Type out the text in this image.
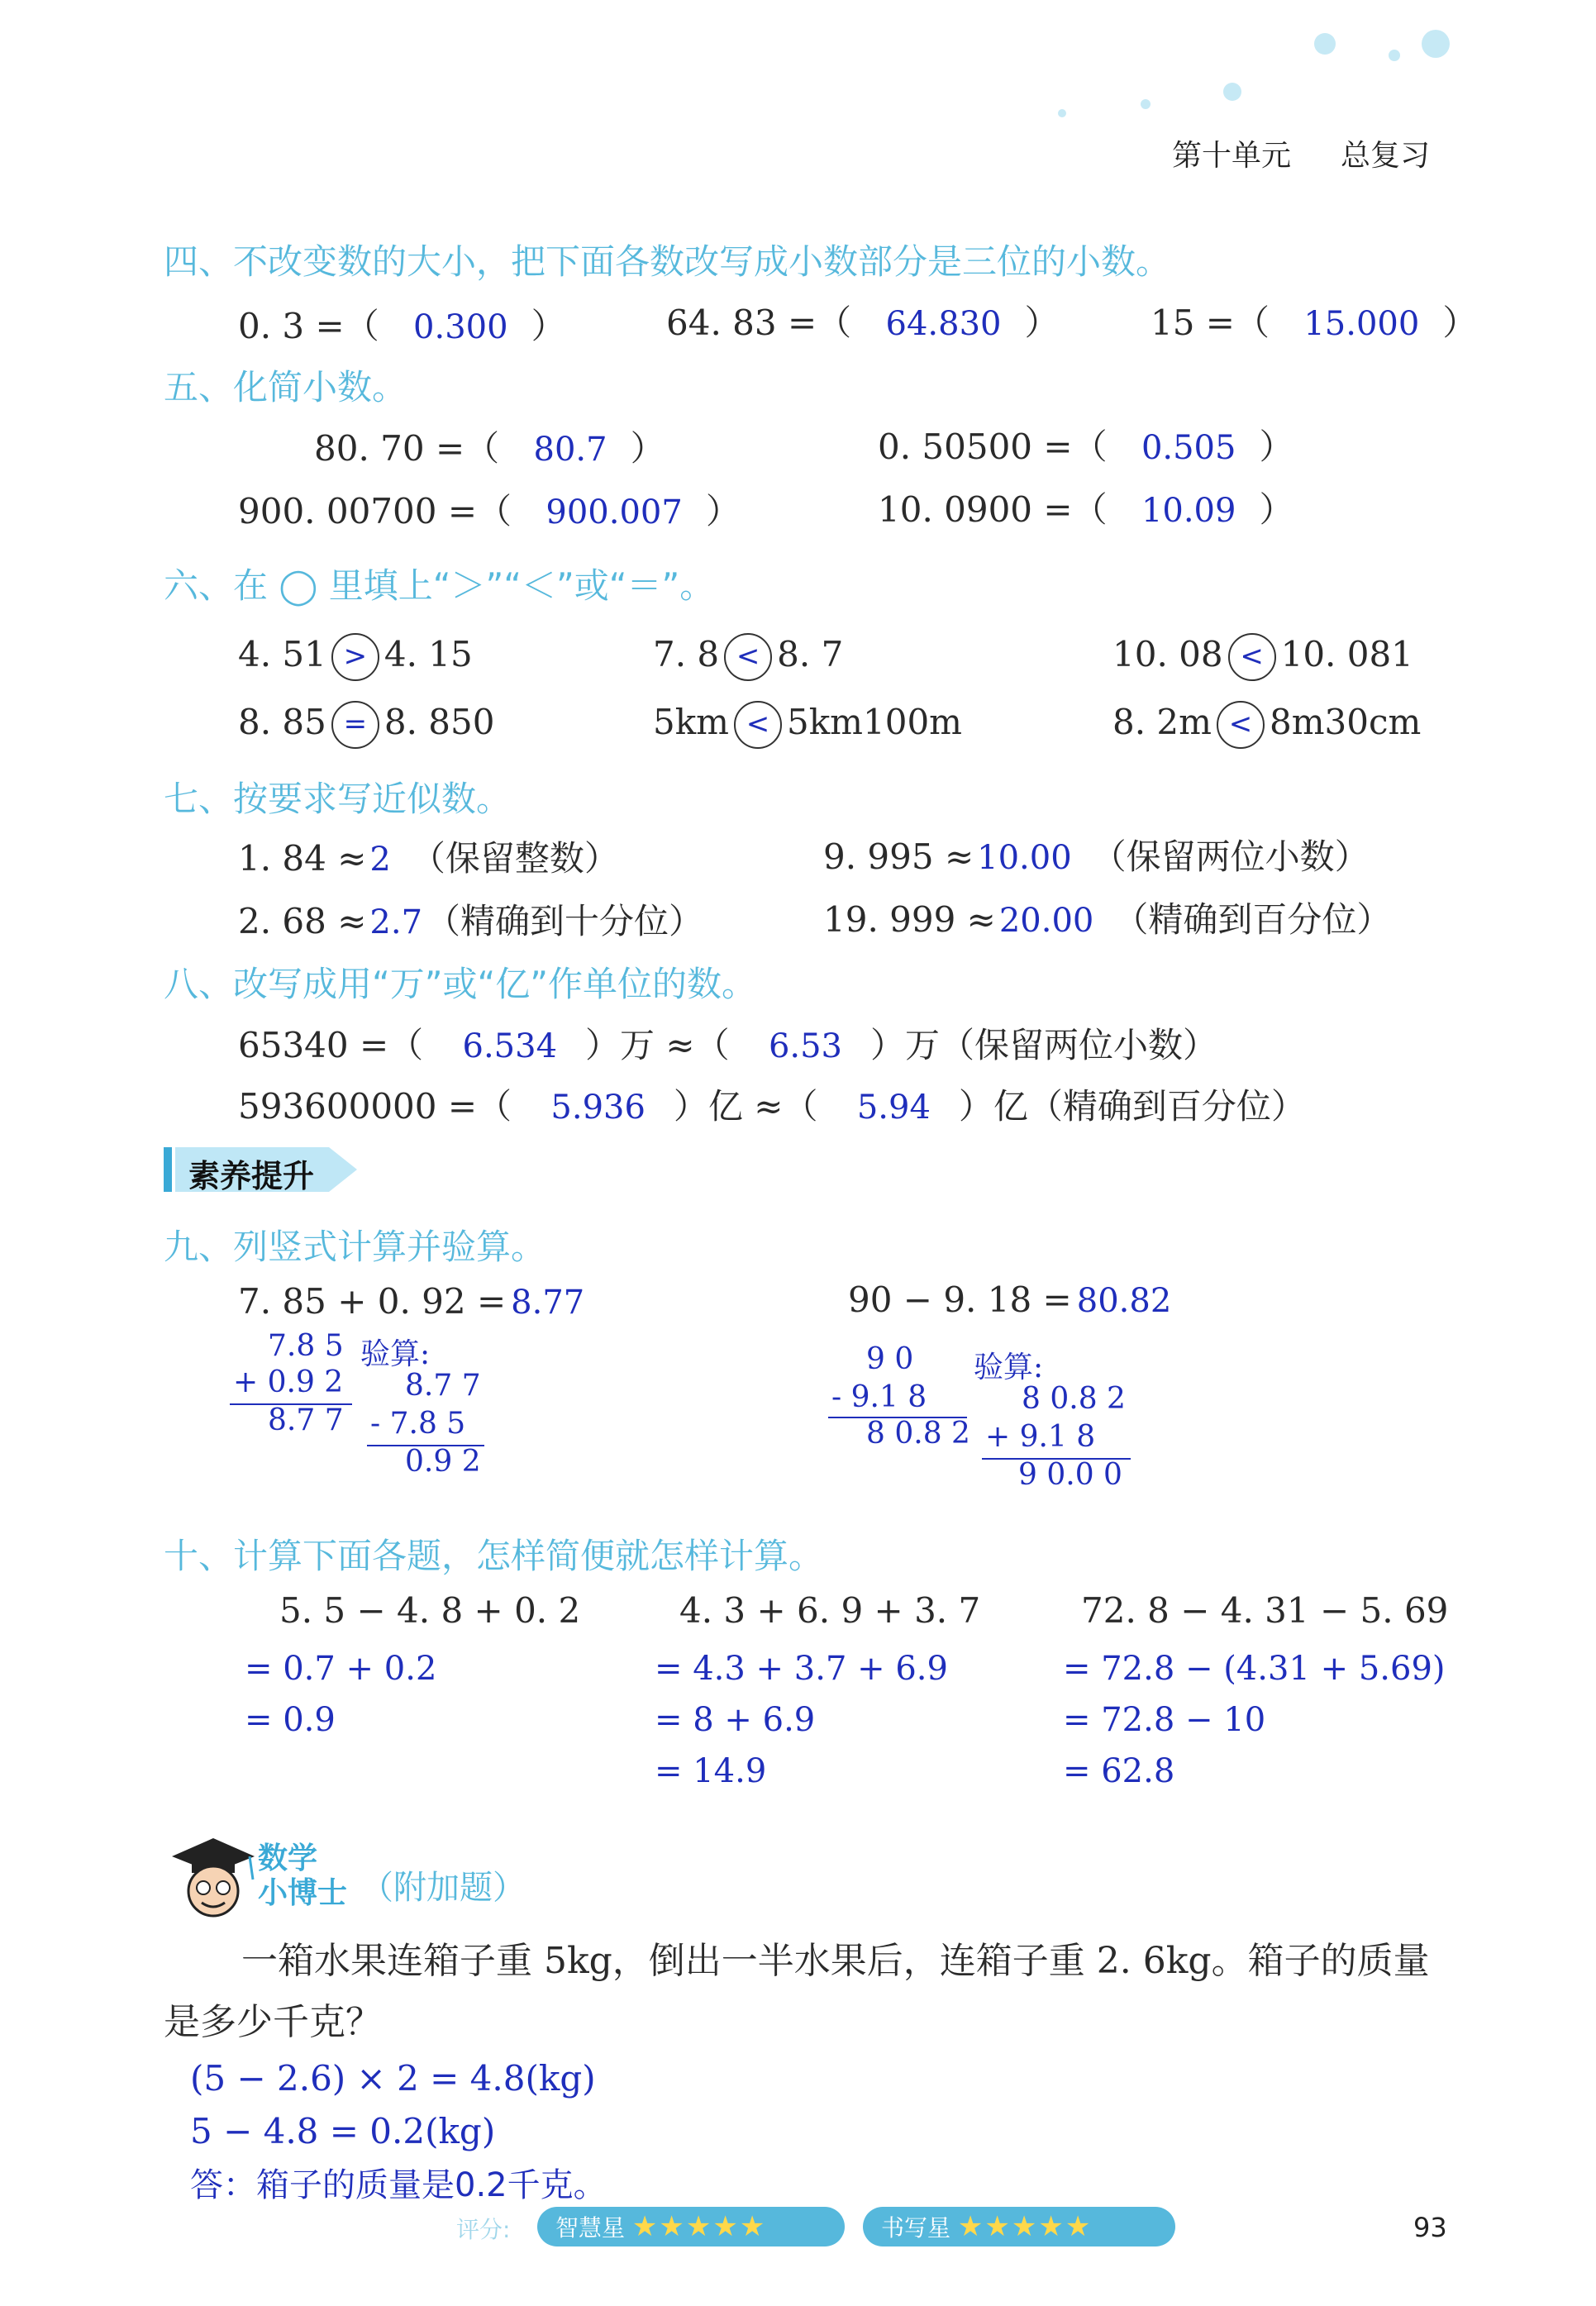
第十单元 总复习
四、不改变数的大小，把下面各数改写成小数部分是三位的小数。
0. 3 =（ 0.300 ）	64. 83 =（ 64.830 ）	15 =（ 15.000 ）
五、化简小数。
80. 70 =（ 80.7 ）	0. 50500 =（ 0.505 ）
900. 00700 =（ 900.007 ）	10. 0900 =（ 10.09 ）
六、在 ◯ 里填上“＞”“＜”或“＝”。
4. 51 > 4. 15	7. 8 < 8. 7	10. 08 < 10. 081
8. 85 = 8. 850	5km < 5km100m	8. 2m < 8m30cm
七、按要求写近似数。
1. 84 ≈ 2 （保留整数）	9. 995 ≈ 10.00 （保留两位小数）
2. 68 ≈ 2.7（精确到十分位）	19. 999 ≈ 20.00 （精确到百分位）
八、改写成用“万”或“亿”作单位的数。
65340 =（ 6.534 ）万 ≈（ 6.53 ）万（保留两位小数）
593600000 =（ 5.936 ）亿 ≈（ 5.94 ）亿（精确到百分位）
素养提升
九、列竖式计算并验算。
7. 85 + 0. 92 = 8.77	90 − 9. 18 = 80.82
7.8 5
+ 0.9 2
8.7 7
验算:
8.7 7
- 7.8 5
0.9 2
9 0
- 9.1 8
8 0.8 2
验算:
8 0.8 2
+ 9.1 8
9 0.0 0
十、计算下面各题，怎样简便就怎样计算。
5. 5 − 4. 8 + 0. 2
= 0.7 + 0.2
= 0.9
4. 3 + 6. 9 + 3. 7
= 4.3 + 3.7 + 6.9
= 8 + 6.9
= 14.9
72. 8 − 4. 31 − 5. 69
= 72.8 − (4.31 + 5.69)
= 72.8 − 10
= 62.8
数学
小博士 （附加题）
一箱水果连箱子重 5kg，倒出一半水果后，连箱子重 2. 6kg。箱子的质量
是多少千克？
(5 − 2.6) × 2 = 4.8(kg)
5 − 4.8 = 0.2(kg)
答：箱子的质量是0.2千克。
评分:	智慧星 ★★★★★	书写星 ★★★★★	93
